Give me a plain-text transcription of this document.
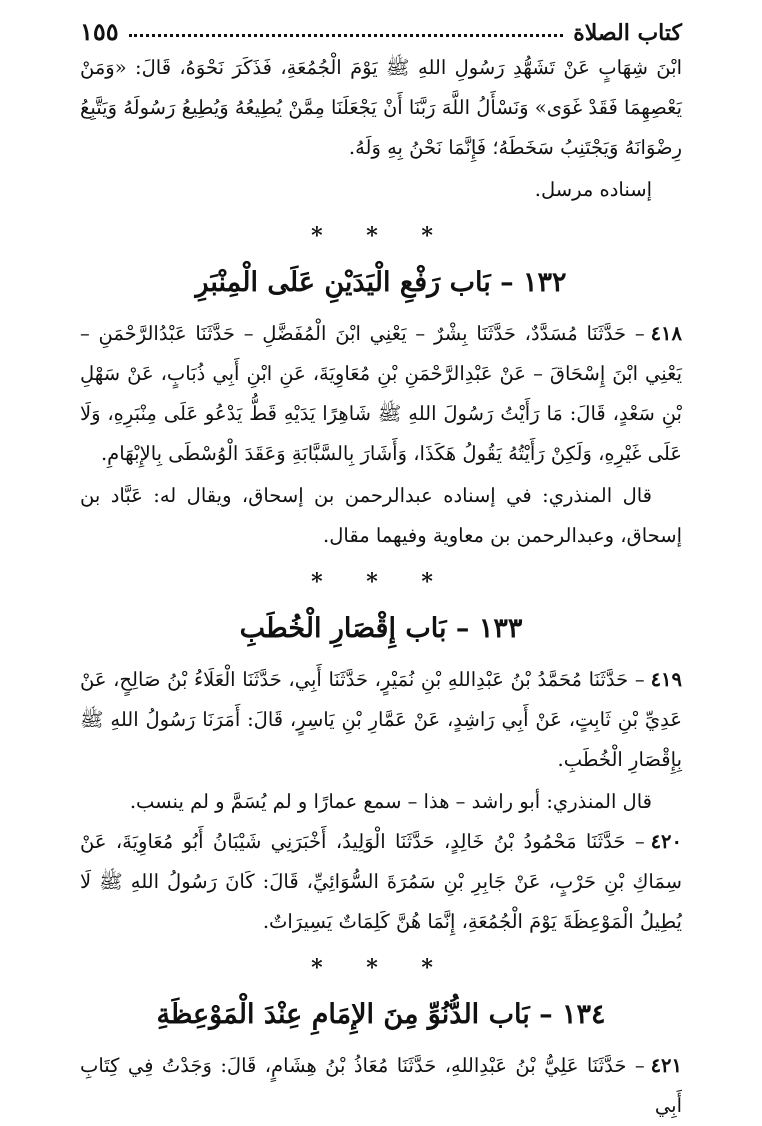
كتاب الصلاة
١٥٥

ابْنَ شِهَابٍ عَنْ تَشَهُّدِ رَسُولِ اللهِ ﷺ يَوْمَ الْجُمُعَةِ، فَذَكَرَ نَحْوَهُ، قَالَ: «وَمَنْ يَعْصِهِمَا فَقَدْ غَوَى» وَنَسْأَلُ اللَّهَ رَبَّنَا أَنْ يَجْعَلَنَا مِمَّنْ يُطِيعُهُ وَيُطِيعُ رَسُولَهُ وَيَتَّبِعُ رِضْوَانَهُ وَيَجْتَنِبُ سَخَطَهُ؛ فَإِنَّمَا نَحْنُ بِهِ وَلَهُ.

إسناده مرسل.

* * *
١٣٢ – بَاب رَفْعِ الْيَدَيْنِ عَلَى الْمِنْبَرِ

٤١٨– حَدَّثَنَا مُسَدَّدٌ، حَدَّثَنَا بِشْرٌ – يَعْنِي ابْنَ الْمُفَضَّلِ – حَدَّثَنَا عَبْدُالرَّحْمَنِ – يَعْنِي ابْنَ إِسْحَاقَ – عَنْ عَبْدِالرَّحْمَنِ بْنِ مُعَاوِيَةَ، عَنِ ابْنِ أَبِي ذُبَابٍ، عَنْ سَهْلِ بْنِ سَعْدٍ، قَالَ: مَا رَأَيْتُ رَسُولَ اللهِ ﷺ شَاهِرًا يَدَيْهِ قَطُّ يَدْعُو عَلَى مِنْبَرِهِ، وَلَا عَلَى غَيْرِهِ، وَلَكِنْ رَأَيْتُهُ يَقُولُ هَكَذَا، وَأَشَارَ بِالسَّبَّابَةِ وَعَقَدَ الْوُسْطَى بِالإِبْهَامِ.

قال المنذري: في إسناده عبدالرحمن بن إسحاق، ويقال له: عَبَّاد بن إسحاق، وعبدالرحمن بن معاوية وفيهما مقال.

* * *
١٣٣ – بَاب إِقْصَارِ الْخُطَبِ

٤١٩– حَدَّثَنَا مُحَمَّدُ بْنُ عَبْدِاللهِ بْنِ نُمَيْرٍ، حَدَّثَنَا أَبِي، حَدَّثَنَا الْعَلَاءُ بْنُ صَالِحٍ، عَنْ عَدِيِّ بْنِ ثَابِتٍ، عَنْ أَبِي رَاشِدٍ، عَنْ عَمَّارِ بْنِ يَاسِرٍ، قَالَ: أَمَرَنَا رَسُولُ اللهِ ﷺ بِإِقْصَارِ الْخُطَبِ.

قال المنذري: أبو راشد – هذا – سمع عمارًا و لم يُسَمَّ و لم ينسب.

٤٢٠– حَدَّثَنَا مَحْمُودُ بْنُ خَالِدٍ، حَدَّثَنَا الْوَلِيدُ، أَخْبَرَنِي شَيْبَانُ أَبُو مُعَاوِيَةَ، عَنْ سِمَاكِ بْنِ حَرْبٍ، عَنْ جَابِرِ بْنِ سَمُرَةَ السُّوَائِيِّ، قَالَ: كَانَ رَسُولُ اللهِ ﷺ لَا يُطِيلُ الْمَوْعِظَةَ يَوْمَ الْجُمُعَةِ، إِنَّمَا هُنَّ كَلِمَاتٌ يَسِيرَاتٌ.

* * *
١٣٤ – بَاب الدُّنُوِّ مِنَ الإِمَامِ عِنْدَ الْمَوْعِظَةِ

٤٢١– حَدَّثَنَا عَلِيُّ بْنُ عَبْدِاللهِ، حَدَّثَنَا مُعَاذُ بْنُ هِشَامٍ، قَالَ: وَجَدْتُ فِي كِتَابِ أَبِي
